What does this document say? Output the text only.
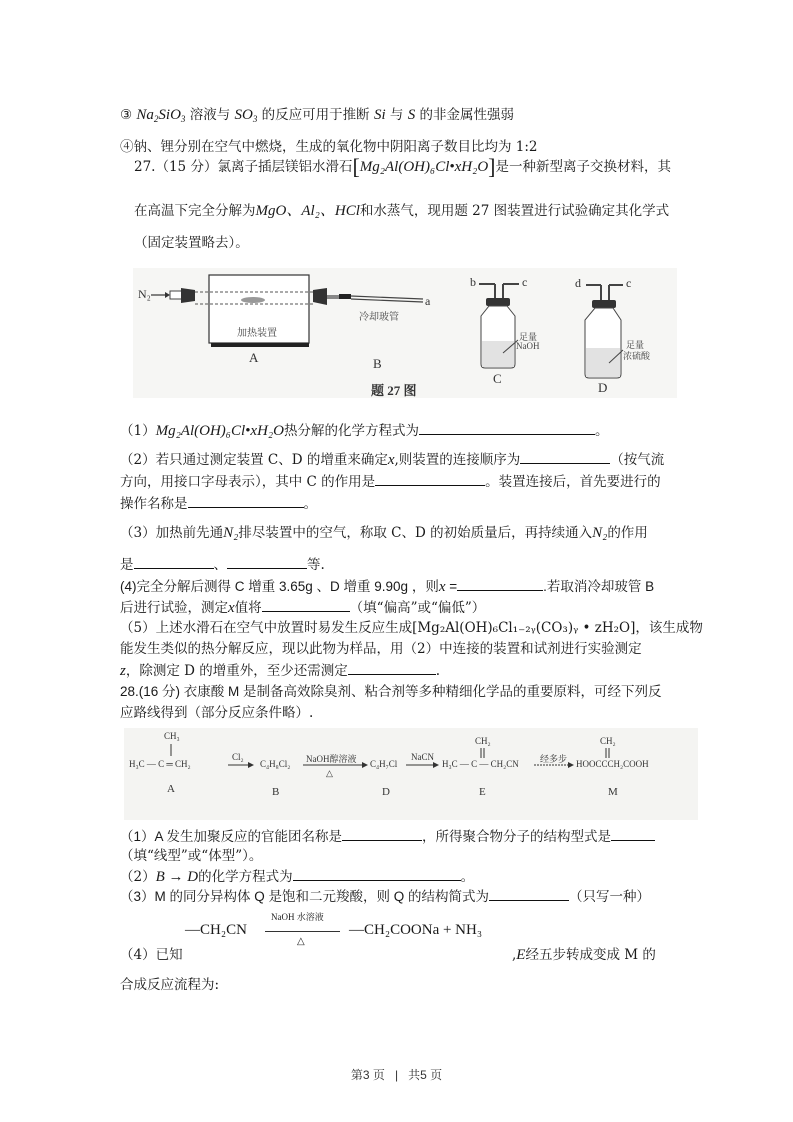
③ $Na_2SiO_3$ 溶液与 $SO_3$ 的反应可用于推断 Si 与 S 的非金属性强弱
④钠、锂分别在空气中燃烧，生成的氧化物中阴阳离子数目比均为 1:2
27.（15 分）氯离子插层镁铝水滑石[Mg₂Al(OH)₆Cl•xH₂O]是一种新型离子交换材料，其
在高温下完全分解为MgO、Al₂、HCl和水蒸气，现用题 27 图装置进行试验确定其化学式
（固定装置略去）。
N₂
加热装置
A
冷却玻管
a
B
b	c
足量
NaOH
C
d	c
足量
浓硫酸
D
题 27 图
（1）Mg₂Al(OH)₆Cl•xH₂O热分解的化学方程式为	。
（2）若只通过测定装置 C、D 的增重来确定x,则装置的连接顺序为	（按气流
方向，用接口字母表示），其中 C 的作用是	。装置连接后，首先要进行的
操作名称是	。
（3）加热前先通N₂排尽装置中的空气，称取 C、D 的初始质量后，再持续通入N₂的作用
是	、	等.
(4)完全分解后测得 C 增重 3.65g 、D 增重 9.90g ，则x =	.若取消冷却玻管 B
后进行试验，测定x值将	（填“偏高”或“偏低”）
（5）上述水滑石在空气中放置时易发生反应生成[Mg₂Al(OH)₆Cl₁₋₂ᵧ(CO₃)ᵧ • zH₂O]，该生成物
能发生类似的热分解反应，现以此物为样品，用（2）中连接的装置和试剂进行实验测定
z，除测定 D 的增重外，至少还需测定	.
28.(16 分) 衣康酸 M 是制备高效除臭剂、粘合剂等多种精细化学品的重要原料，可经下列反
应路线得到（部分反应条件略）.
CH₃
H₃C — C ═ CH₂
Cl₂
C₄H₈Cl₂ NaOH醇溶液
△
C₄H₇Cl
NaCN
CH₂
H₃C — C — CH₂CN 经多步
CH₂
HOOCCCH₂COOH
A	B	D	E	M
（1）A 发生加聚反应的官能团名称是	，所得聚合物分子的结构型式是
（填“线型”或“体型”）。
（2）B → D的化学方程式为	。
（3）M 的同分异构体 Q 是饱和二元羧酸，则 Q 的结构简式为	（只写一种）
—CH₂CN
NaOH 水溶液
△
—CH₂COONa + NH₃
（4）已知	,E经五步转成变成 M 的
合成反应流程为:
第3 页 | 共5 页
